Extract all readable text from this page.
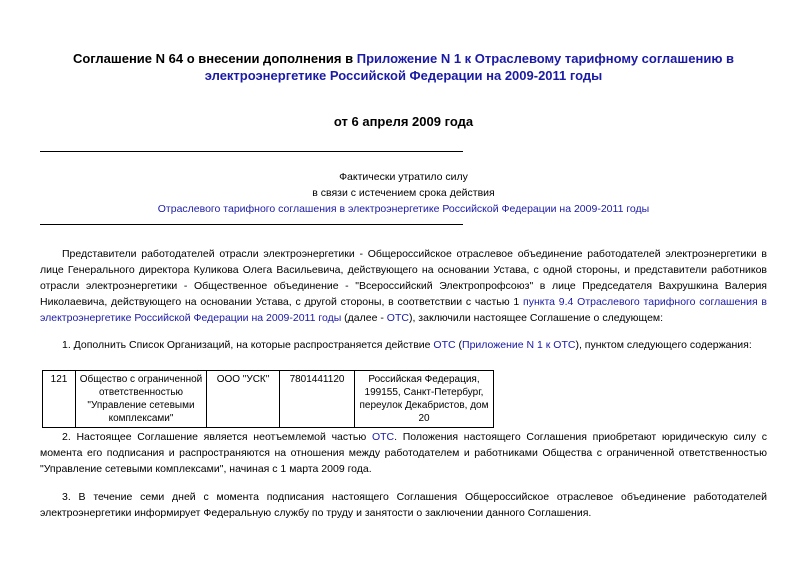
Соглашение N 64 о внесении дополнения в Приложение N 1 к Отраслевому тарифному соглашению в электроэнергетике Российской Федерации на 2009-2011 годы
от 6 апреля 2009 года
Фактически утратило силу
в связи с истечением срока действия
Отраслевого тарифного соглашения в электроэнергетике Российской Федерации на 2009-2011 годы
Представители работодателей отрасли электроэнергетики - Общероссийское отраслевое объединение работодателей электроэнергетики в лице Генерального директора Куликова Олега Васильевича, действующего на основании Устава, с одной стороны, и представители работников отрасли электроэнергетики - Общественное объединение - "Всероссийский Электропрофсоюз" в лице Председателя Вахрушкина Валерия Николаевича, действующего на основании Устава, с другой стороны, в соответствии с частью 1 пункта 9.4 Отраслевого тарифного соглашения в электроэнергетике Российской Федерации на 2009-2011 годы (далее - ОТС), заключили настоящее Соглашение о следующем:
1. Дополнить Список Организаций, на которые распространяется действие ОТС (Приложение N 1 к ОТС), пунктом следующего содержания:
121	Общество с ограниченной ответственностью "Управление сетевыми комплексами"	ООО "УСК"	7801441120	Российская Федерация, 199155, Санкт-Петербург, переулок Декабристов, дом 20
2. Настоящее Соглашение является неотъемлемой частью ОТС. Положения настоящего Соглашения приобретают юридическую силу с момента его подписания и распространяются на отношения между работодателем и работниками Общества с ограниченной ответственностью "Управление сетевыми комплексами", начиная с 1 марта 2009 года.
3. В течение семи дней с момента подписания настоящего Соглашения Общероссийское отраслевое объединение работодателей электроэнергетики информирует Федеральную службу по труду и занятости о заключении данного Соглашения.
